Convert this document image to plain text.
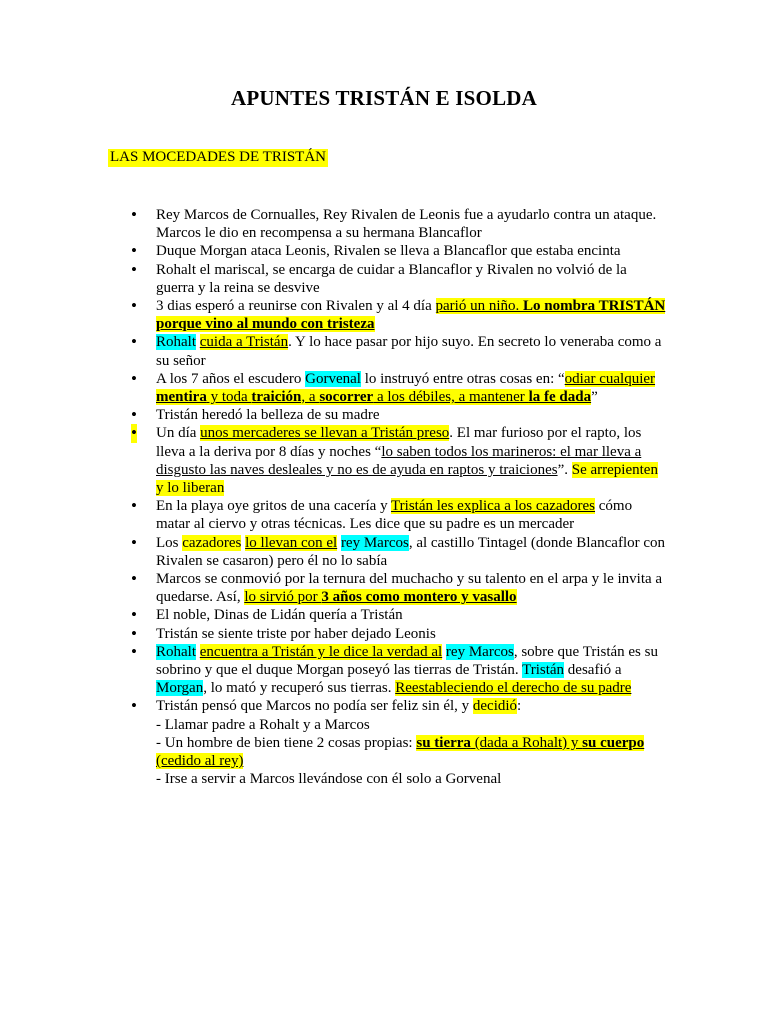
APUNTES TRISTÁN E ISOLDA
LAS MOCEDADES DE TRISTÁN
• Rey Marcos de Cornualles, Rey Rivalen de Leonis fue a ayudarlo contra un ataque. Marcos le dio en recompensa a su hermana Blancaflor
• Duque Morgan ataca Leonis, Rivalen se lleva a Blancaflor que estaba encinta
• Rohalt el mariscal, se encarga de cuidar a Blancaflor y Rivalen no volvió de la guerra y la reina se desvive
• 3 dias esperó a reunirse con Rivalen y al 4 día parió un niño. Lo nombra TRISTÁN porque vino al mundo con tristeza
• Rohalt cuida a Tristán. Y lo hace pasar por hijo suyo. En secreto lo veneraba como a su señor
• A los 7 años el escudero Gorvenal lo instruyó entre otras cosas en: “odiar cualquier mentira y toda traición, a socorrer a los débiles, a mantener la fe dada”
• Tristán heredó la belleza de su madre
• Un día unos mercaderes se llevan a Tristán preso. El mar furioso por el rapto, los lleva a la deriva por 8 días y noches “lo saben todos los marineros: el mar lleva a disgusto las naves desleales y no es de ayuda en raptos y traiciones”. Se arrepienten y lo liberan
• En la playa oye gritos de una cacería y Tristán les explica a los cazadores cómo matar al ciervo y otras técnicas. Les dice que su padre es un mercader
• Los cazadores lo llevan con el rey Marcos, al castillo Tintagel (donde Blancaflor con Rivalen se casaron) pero él no lo sabía
• Marcos se conmovió por la ternura del muchacho y su talento en el arpa y le invita a quedarse. Así, lo sirvió por 3 años como montero y vasallo
• El noble, Dinas de Lidán quería a Tristán
• Tristán se siente triste por haber dejado Leonis
• Rohalt encuentra a Tristán y le dice la verdad al rey Marcos, sobre que Tristán es su sobrino y que el duque Morgan poseyó las tierras de Tristán. Tristán desafió a Morgan, lo mató y recuperó sus tierras. Reestableciendo el derecho de su padre
• Tristán pensó que Marcos no podía ser feliz sin él, y decidió:
- Llamar padre a Rohalt y a Marcos
- Un hombre de bien tiene 2 cosas propias: su tierra (dada a Rohalt) y su cuerpo (cedido al rey)
- Irse a servir a Marcos llevándose con él solo a Gorvenal
